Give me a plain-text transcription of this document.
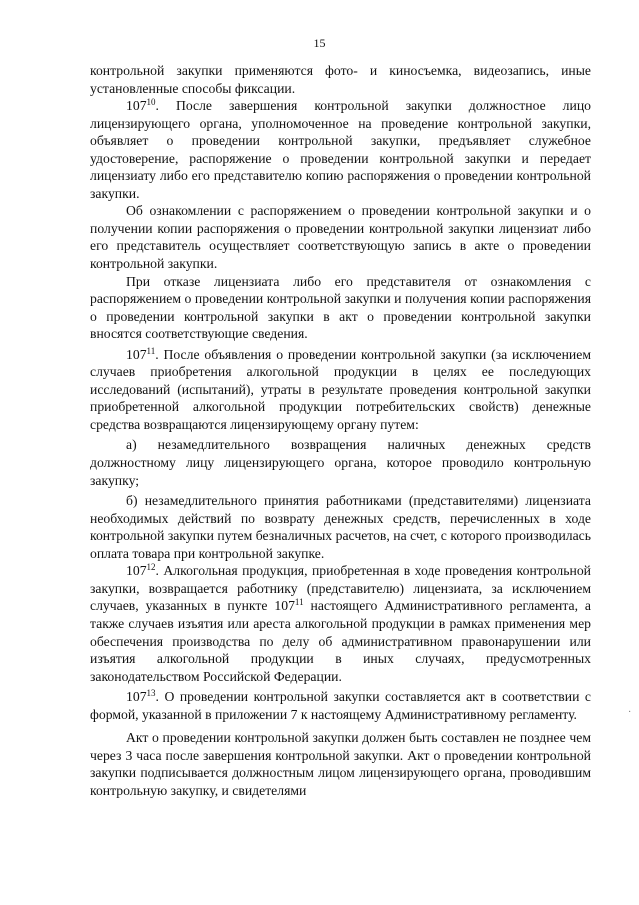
15

контрольной закупки применяются фото- и киносъемка, видеозапись, иные установленные способы фиксации.

$107^{10}$. После завершения контрольной закупки должностное лицо лицензирующего органа, уполномоченное на проведение контрольной закупки, объявляет о проведении контрольной закупки, предъявляет служебное удостоверение, распоряжение о проведении контрольной закупки и передает лицензиату либо его представителю копию распоряжения о проведении контрольной закупки.

Об ознакомлении с распоряжением о проведении контрольной закупки и о получении копии распоряжения о проведении контрольной закупки лицензиат либо его представитель осуществляет соответствующую запись в акте о проведении контрольной закупки.

При отказе лицензиата либо его представителя от ознакомления с распоряжением о проведении контрольной закупки и получения копии распоряжения о проведении контрольной закупки в акт о проведении контрольной закупки вносятся соответствующие сведения.

$107^{11}$. После объявления о проведении контрольной закупки (за исключением случаев приобретения алкогольной продукции в целях ее последующих исследований (испытаний), утраты в результате проведения контрольной закупки приобретенной алкогольной продукции потребительских свойств) денежные средства возвращаются лицензирующему органу путем:

а) незамедлительного возвращения наличных денежных средств должностному лицу лицензирующего органа, которое проводило контрольную закупку;

б) незамедлительного принятия работниками (представителями) лицензиата необходимых действий по возврату денежных средств, перечисленных в ходе контрольной закупки путем безналичных расчетов, на счет, с которого производилась оплата товара при контрольной закупке.

$107^{12}$. Алкогольная продукция, приобретенная в ходе проведения контрольной закупки, возвращается работнику (представителю) лицензиата, за исключением случаев, указанных в пункте $107^{11}$ настоящего Административного регламента, а также случаев изъятия или ареста алкогольной продукции в рамках применения мер обеспечения производства по делу об административном правонарушении или изъятия алкогольной продукции в иных случаях, предусмотренных законодательством Российской Федерации.

$107^{13}$. О проведении контрольной закупки составляется акт в соответствии с формой, указанной в приложении 7 к настоящему Административному регламенту.

Акт о проведении контрольной закупки должен быть составлен не позднее чем через 3 часа после завершения контрольной закупки. Акт о проведении контрольной закупки подписывается должностным лицом лицензирующего органа, проводившим контрольную закупку, и свидетелями

·
